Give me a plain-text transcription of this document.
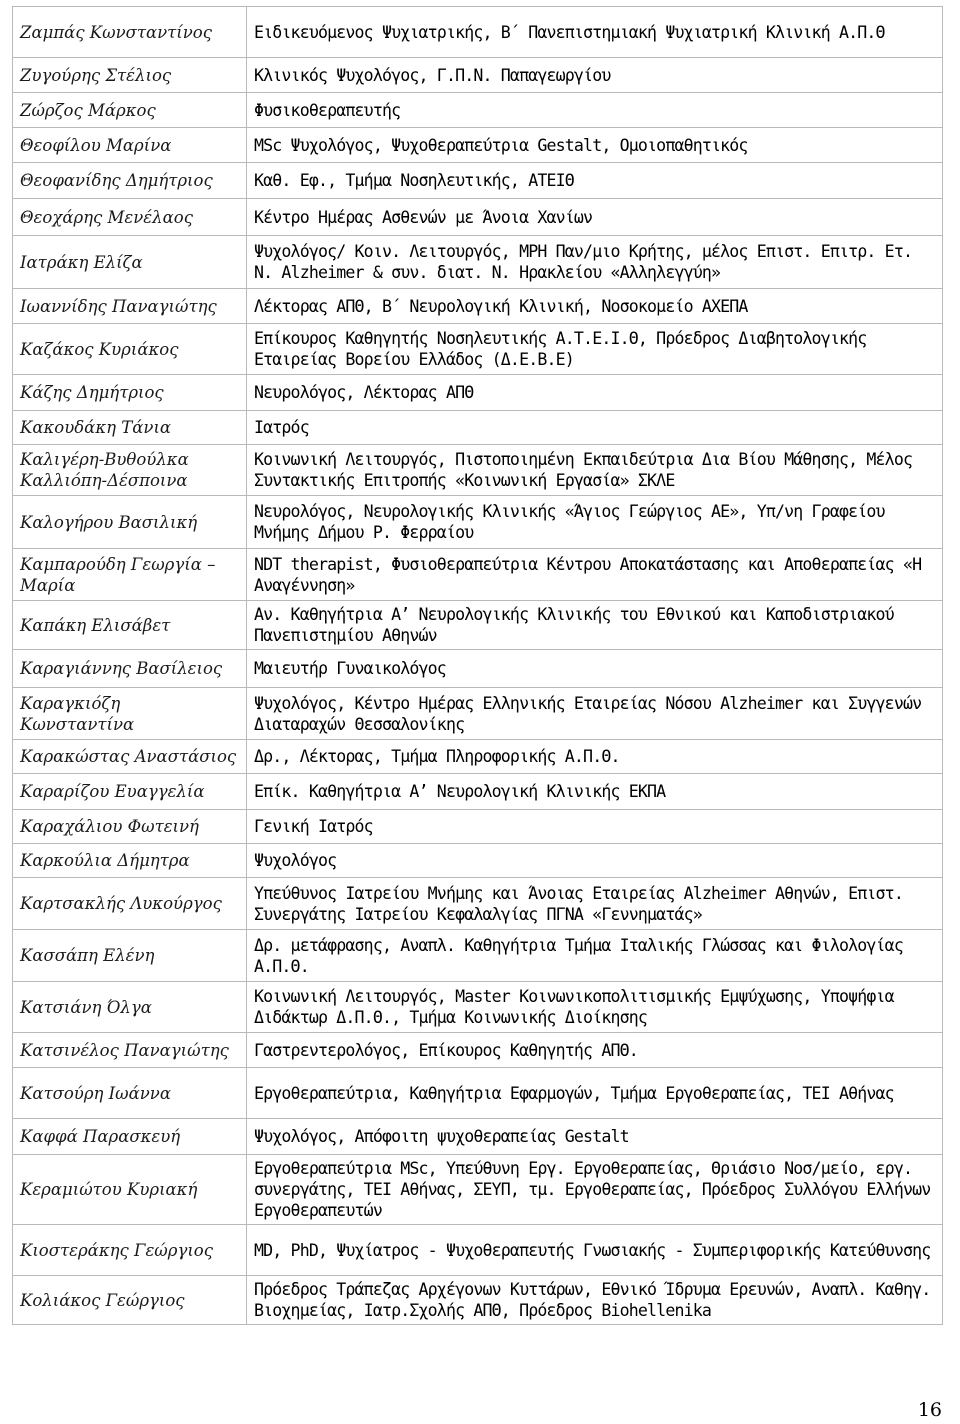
Ζαμπάς Κωνσταντίνος	Ειδικευόμενος Ψυχιατρικής, Β΄ Πανεπιστημιακή Ψυχιατρική Κλινική Α.Π.Θ
Ζυγούρης Στέλιος	Κλινικός Ψυχολόγος, Γ.Π.Ν. Παπαγεωργίου
Ζώρζος Μάρκος	Φυσικοθεραπευτής
Θεοφίλου Μαρίνα	MSc Ψυχολόγος, Ψυχοθεραπεύτρια Gestalt, Ομοιοπαθητικός
Θεοφανίδης Δημήτριος	Καθ. Εφ., Τμήμα Νοσηλευτικής, ΑΤΕΙΘ
Θεοχάρης Μενέλαος	Κέντρο Ημέρας Ασθενών με Άνοια Χανίων
Ιατράκη Ελίζα	Ψυχολόγος/ Κοιν. Λειτουργός, ΜΡΗ Παν/μιο Κρήτης, μέλος Επιστ. Επιτρ. Ετ. Ν. Alzheimer & συν. διατ. Ν. Ηρακλείου «Αλληλεγγύη»
Ιωαννίδης Παναγιώτης	Λέκτορας ΑΠΘ, Β΄ Νευρολογική Κλινική, Νοσοκομείο ΑΧΕΠΑ
Καζάκος Κυριάκος	Επίκουρος Καθηγητής Νοσηλευτικής Α.Τ.Ε.Ι.Θ, Πρόεδρος Διαβητολογικής Εταιρείας Βορείου Ελλάδος (Δ.Ε.Β.Ε)
Κάζης Δημήτριος	Νευρολόγος, Λέκτορας ΑΠΘ
Κακουδάκη Τάνια	Ιατρός
Καλιγέρη-Βυθούλκα Καλλιόπη-Δέσποινα	Κοινωνική Λειτουργός, Πιστοποιημένη Εκπαιδεύτρια Δια Βίου Μάθησης, Μέλος Συντακτικής Επιτροπής «Κοινωνική Εργασία» ΣΚΛΕ
Καλογήρου Βασιλική	Νευρολόγος, Νευρολογικής Κλινικής «Άγιος Γεώργιος ΑΕ», Υπ/νη Γραφείου Μνήμης Δήμου Ρ. Φερραίου
Καμπαρούδη Γεωργία – Μαρία	NDT therapist, Φυσιοθεραπεύτρια Κέντρου Αποκατάστασης και Αποθεραπείας «Η Αναγέννηση»
Καπάκη Ελισάβετ	Αν. Καθηγήτρια Α’ Νευρολογικής Κλινικής του Εθνικού και Καποδιστριακού Πανεπιστημίου Αθηνών
Καραγιάννης Βασίλειος	Μαιευτήρ Γυναικολόγος
Καραγκιόζη Κωνσταντίνα	Ψυχολόγος, Κέντρο Ημέρας Ελληνικής Εταιρείας Νόσου Alzheimer και Συγγενών Διαταραχών Θεσσαλονίκης
Καρακώστας Αναστάσιος	Δρ., Λέκτορας, Τμήμα Πληροφορικής Α.Π.Θ.
Καραρίζου Ευαγγελία	Επίκ. Καθηγήτρια Α’ Νευρολογική Κλινικής ΕΚΠΑ
Καραχάλιου Φωτεινή	Γενική Ιατρός
Καρκούλια Δήμητρα	Ψυχολόγος
Καρτσακλής Λυκούργος	Υπεύθυνος Ιατρείου Μνήμης και Άνοιας Εταιρείας Alzheimer Αθηνών, Επιστ. Συνεργάτης Ιατρείου Κεφαλαλγίας ΠΓΝΑ «Γεννηματάς»
Κασσάπη Ελένη	Δρ. μετάφρασης, Αναπλ. Καθηγήτρια Τμήμα Ιταλικής Γλώσσας και Φιλολογίας Α.Π.Θ.
Κατσιάνη Όλγα	Κοινωνική Λειτουργός, Master Κοινωνικοπολιτισμικής Εμψύχωσης, Υποψήφια Διδάκτωρ Δ.Π.Θ., Τμήμα Κοινωνικής Διοίκησης
Κατσινέλος Παναγιώτης	Γαστρεντερολόγος, Επίκουρος Καθηγητής ΑΠΘ.
Κατσούρη Ιωάννα	Εργοθεραπεύτρια, Καθηγήτρια Εφαρμογών, Τμήμα Εργοθεραπείας, ΤΕΙ Αθήνας
Καφφά Παρασκευή	Ψυχολόγος, Απόφοιτη ψυχοθεραπείας Gestalt
Κεραμιώτου Κυριακή	Εργοθεραπεύτρια MSc, Υπεύθυνη Εργ. Εργοθεραπείας, Θριάσιο Νοσ/μείο, εργ. συνεργάτης, ΤΕΙ Αθήνας, ΣΕΥΠ, τμ. Εργοθεραπείας, Πρόεδρος Συλλόγου Ελλήνων Εργοθεραπευτών
Κιοστεράκης Γεώργιος	MD, PhD, Ψυχίατρος - Ψυχοθεραπευτής Γνωσιακής - Συμπεριφορικής Κατεύθυνσης
Κολιάκος Γεώργιος	Πρόεδρος Τράπεζας Αρχέγονων Κυττάρων, Εθνικό Ίδρυμα Ερευνών, Αναπλ. Καθηγ. Βιοχημείας, Ιατρ.Σχολής ΑΠΘ, Πρόεδρος Biohellenika
16
